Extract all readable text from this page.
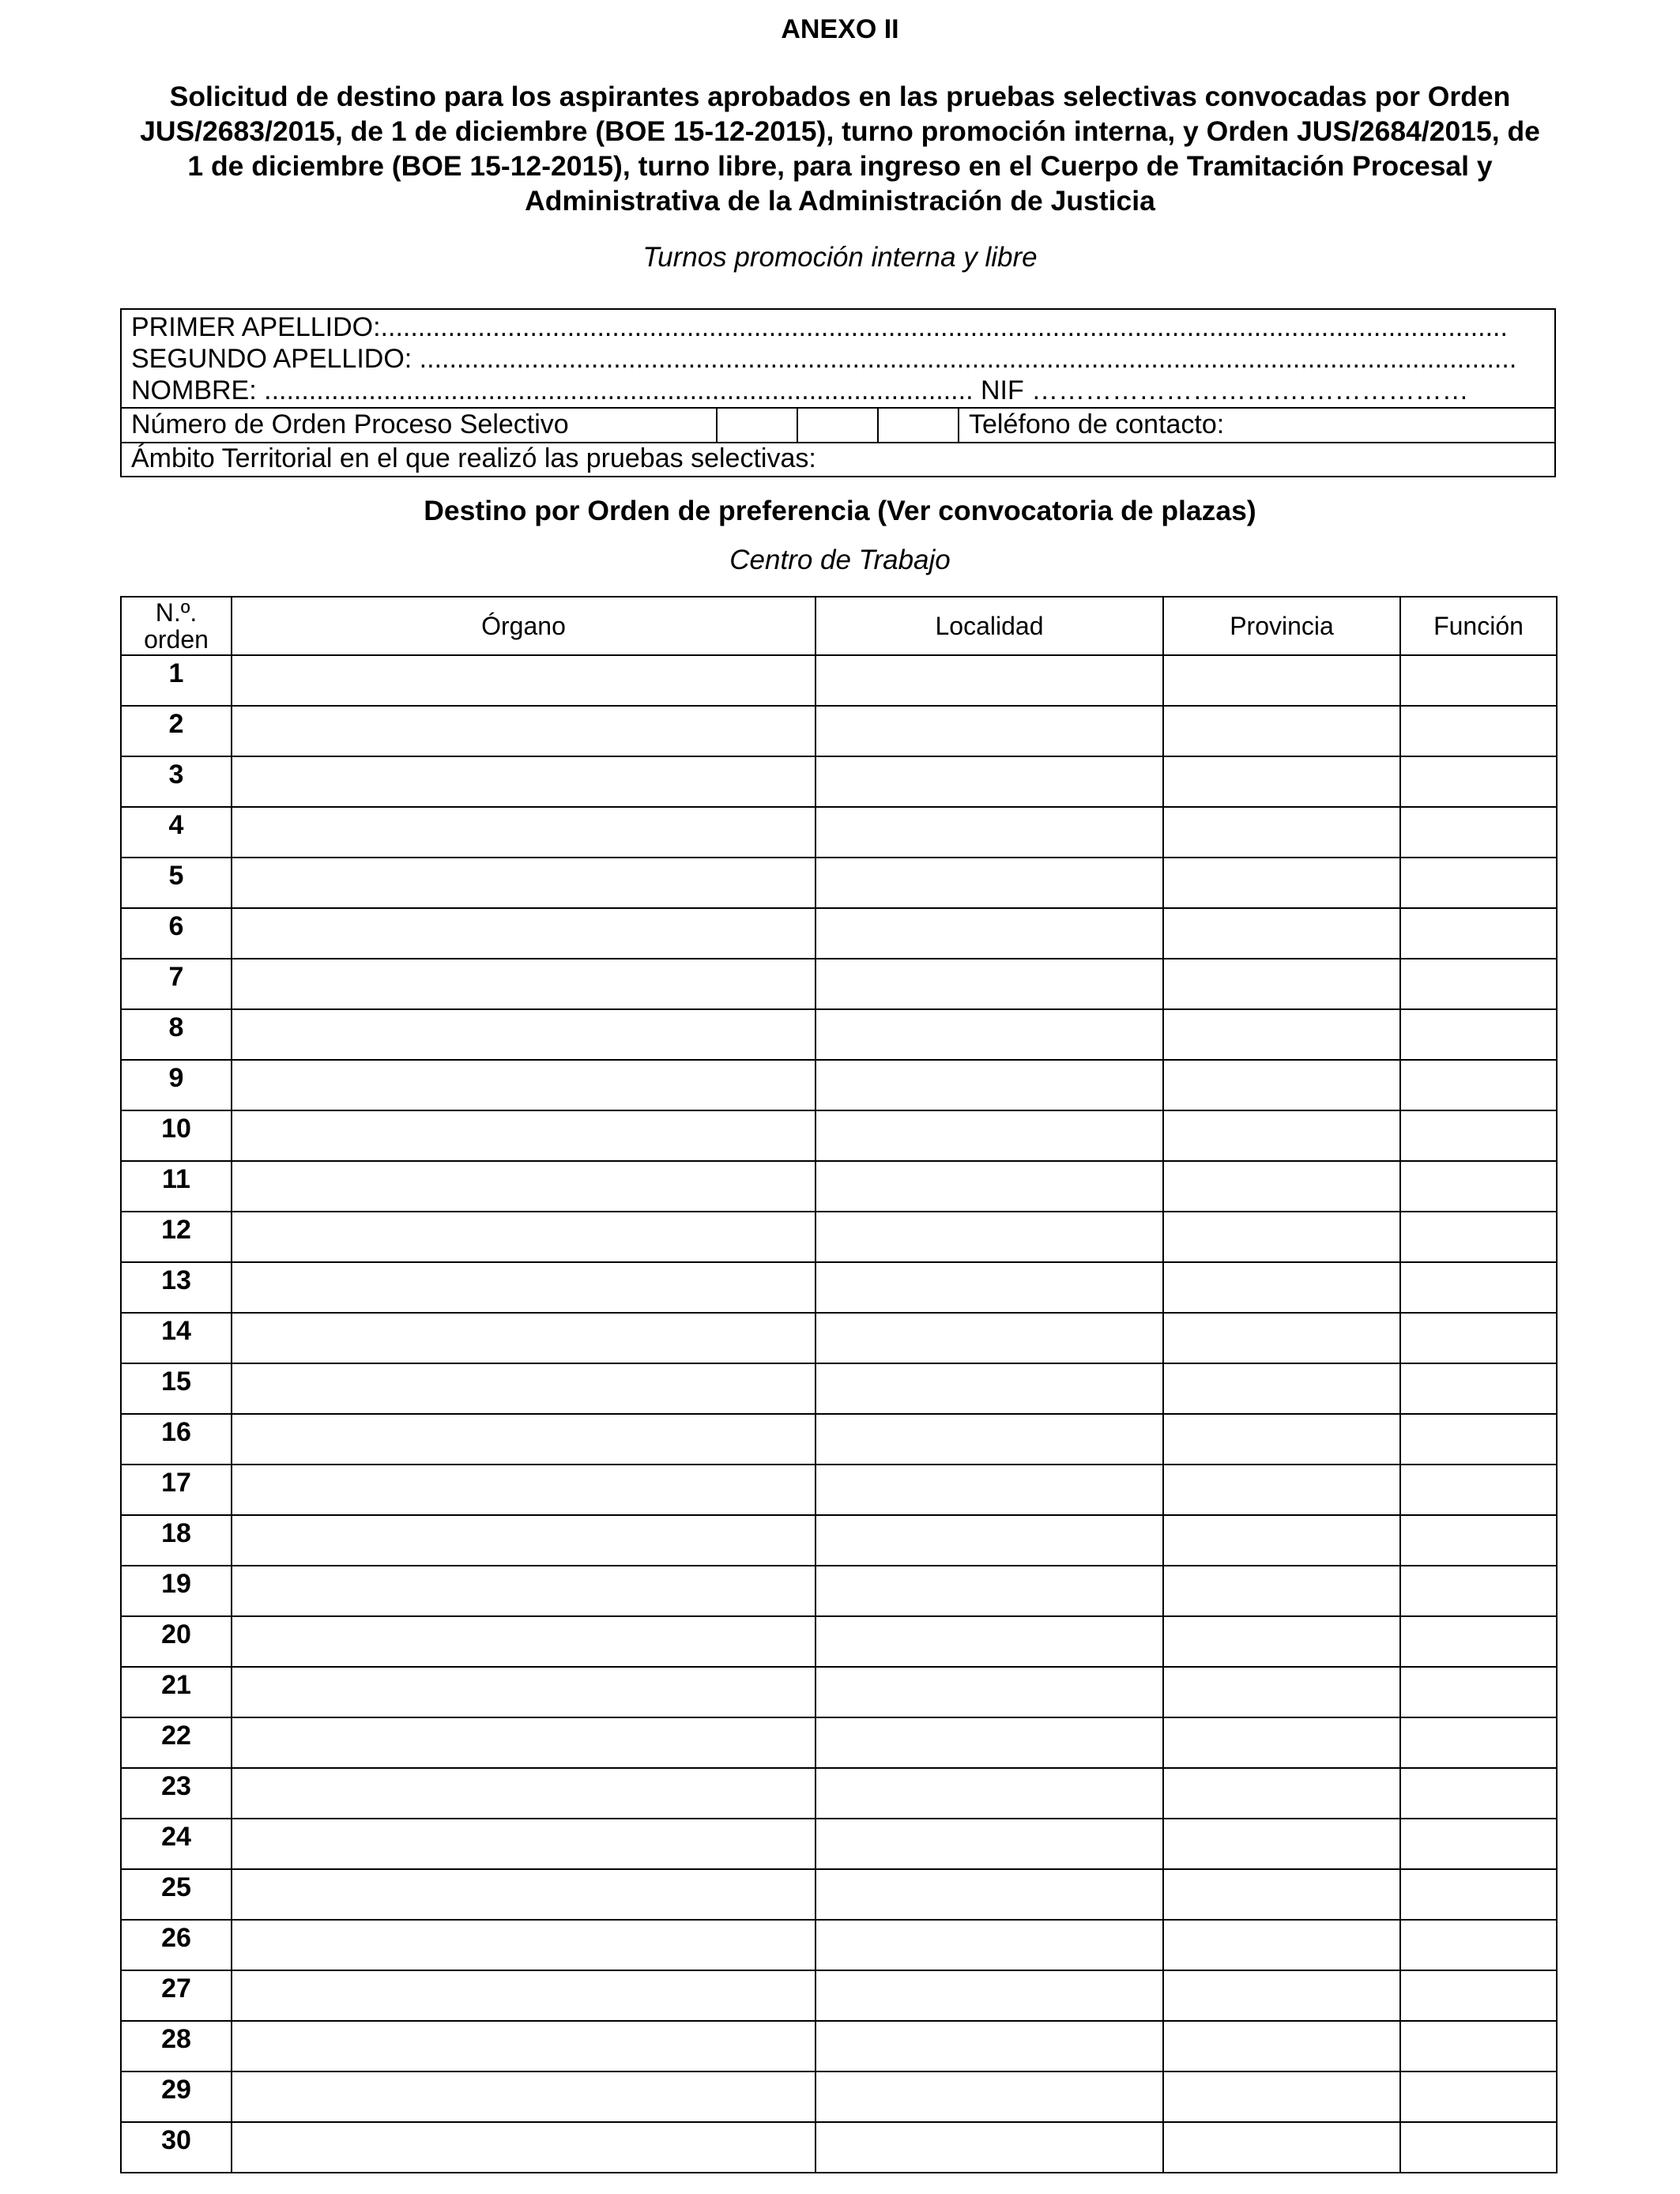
ANEXO II
Solicitud de destino para los aspirantes aprobados en las pruebas selectivas convocadas por Orden JUS/2683/2015, de 1 de diciembre (BOE 15-12-2015), turno promoción interna, y Orden JUS/2684/2015, de 1 de diciembre (BOE 15-12-2015), turno libre, para ingreso en el Cuerpo de Tramitación Procesal y Administrativa de la Administración de Justicia
Turnos promoción interna y libre
PRIMER APELLIDO:.......................................................................................................................................................
SEGUNDO APELLIDO: ...................................................................................................................................................
NOMBRE: ............................................................................................... NIF ……………………….…………………
Número de Orden Proceso Selectivo	Teléfono de contacto:
Ámbito Territorial en el que realizó las pruebas selectivas:
Destino por Orden de preferencia (Ver convocatoria de plazas)
Centro de Trabajo
N.º.
orden	Órgano	Localidad	Provincia	Función
1				
2				
3				
4				
5				
6				
7				
8				
9				
10				
11				
12				
13				
14				
15				
16				
17				
18				
19				
20				
21				
22				
23				
24				
25				
26				
27				
28				
29				
30				
